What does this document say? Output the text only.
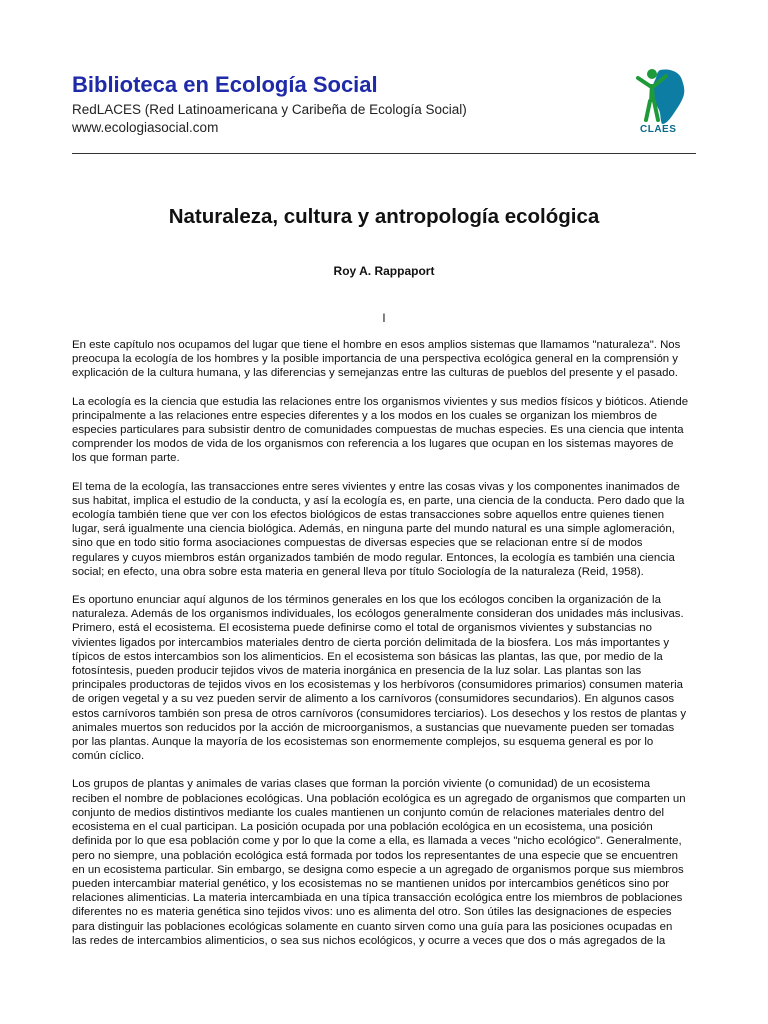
Biblioteca en Ecología Social

RedLACES (Red Latinoamericana y Caribeña de Ecología Social)

www.ecologiasocial.com	CLAES
Naturaleza, cultura y antropología ecológica

Roy A. Rappaport

I

En este capítulo nos ocupamos del lugar que tiene el hombre en esos amplios sistemas que llamamos "naturaleza". Nos
preocupa la ecología de los hombres y la posible importancia de una perspectiva ecológica general en la comprensión y
explicación de la cultura humana, y las diferencias y semejanzas entre las culturas de pueblos del presente y el pasado.

La ecología es la ciencia que estudia las relaciones entre los organismos vivientes y sus medios físicos y bióticos. Atiende
principalmente a las relaciones entre especies diferentes y a los modos en los cuales se organizan los miembros de
especies particulares para subsistir dentro de comunidades compuestas de muchas especies. Es una ciencia que intenta
comprender los modos de vida de los organismos con referencia a los lugares que ocupan en los sistemas mayores de
los que forman parte.

El tema de la ecología, las transacciones entre seres vivientes y entre las cosas vivas y los componentes inanimados de
sus habitat, implica el estudio de la conducta, y así la ecología es, en parte, una ciencia de la conducta. Pero dado que la
ecología también tiene que ver con los efectos biológicos de estas transacciones sobre aquellos entre quienes tienen
lugar, será igualmente una ciencia biológica. Además, en ninguna parte del mundo natural es una simple aglomeración,
sino que en todo sitio forma asociaciones compuestas de diversas especies que se relacionan entre sí de modos
regulares y cuyos miembros están organizados también de modo regular. Entonces, la ecología es también una ciencia
social; en efecto, una obra sobre esta materia en general lleva por título Sociología de la naturaleza (Reid, 1958).

Es oportuno enunciar aquí algunos de los términos generales en los que los ecólogos conciben la organización de la
naturaleza. Además de los organismos individuales, los ecólogos generalmente consideran dos unidades más inclusivas.
Primero, está el ecosistema. El ecosistema puede definirse como el total de organismos vivientes y substancias no
vivientes ligados por intercambios materiales dentro de cierta porción delimitada de la biosfera. Los más importantes y
típicos de estos intercambios son los alimenticios. En el ecosistema son básicas las plantas, las que, por medio de la
fotosíntesis, pueden producir tejidos vivos de materia inorgánica en presencia de la luz solar. Las plantas son las
principales productoras de tejidos vivos en los ecosistemas y los herbívoros (consumidores primarios) consumen materia
de origen vegetal y a su vez pueden servir de alimento a los carnívoros (consumidores secundarios). En algunos casos
estos carnívoros también son presa de otros carnívoros (consumidores terciarios). Los desechos y los restos de plantas y
animales muertos son reducidos por la acción de microorganismos, a sustancias que nuevamente pueden ser tomadas
por las plantas. Aunque la mayoría de los ecosistemas son enormemente complejos, su esquema general es por lo
común cíclico.

Los grupos de plantas y animales de varias clases que forman la porción viviente (o comunidad) de un ecosistema
reciben el nombre de poblaciones ecológicas. Una población ecológica es un agregado de organismos que comparten un
conjunto de medios distintivos mediante los cuales mantienen un conjunto común de relaciones materiales dentro del
ecosistema en el cual participan. La posición ocupada por una población ecológica en un ecosistema, una posición
definida por lo que esa población come y por lo que la come a ella, es llamada a veces "nicho ecológico". Generalmente,
pero no siempre, una población ecológica está formada por todos los representantes de una especie que se encuentren
en un ecosistema particular. Sin embargo, se designa como especie a un agregado de organismos porque sus miembros
pueden intercambiar material genético, y los ecosistemas no se mantienen unidos por intercambios genéticos sino por
relaciones alimenticias. La materia intercambiada en una típica transacción ecológica entre los miembros de poblaciones
diferentes no es materia genética sino tejidos vivos: uno es alimenta del otro. Son útiles las designaciones de especies
para distinguir las poblaciones ecológicas solamente en cuanto sirven como una guía para las posiciones ocupadas en
las redes de intercambios alimenticios, o sea sus nichos ecológicos, y ocurre a veces que dos o más agregados de la
